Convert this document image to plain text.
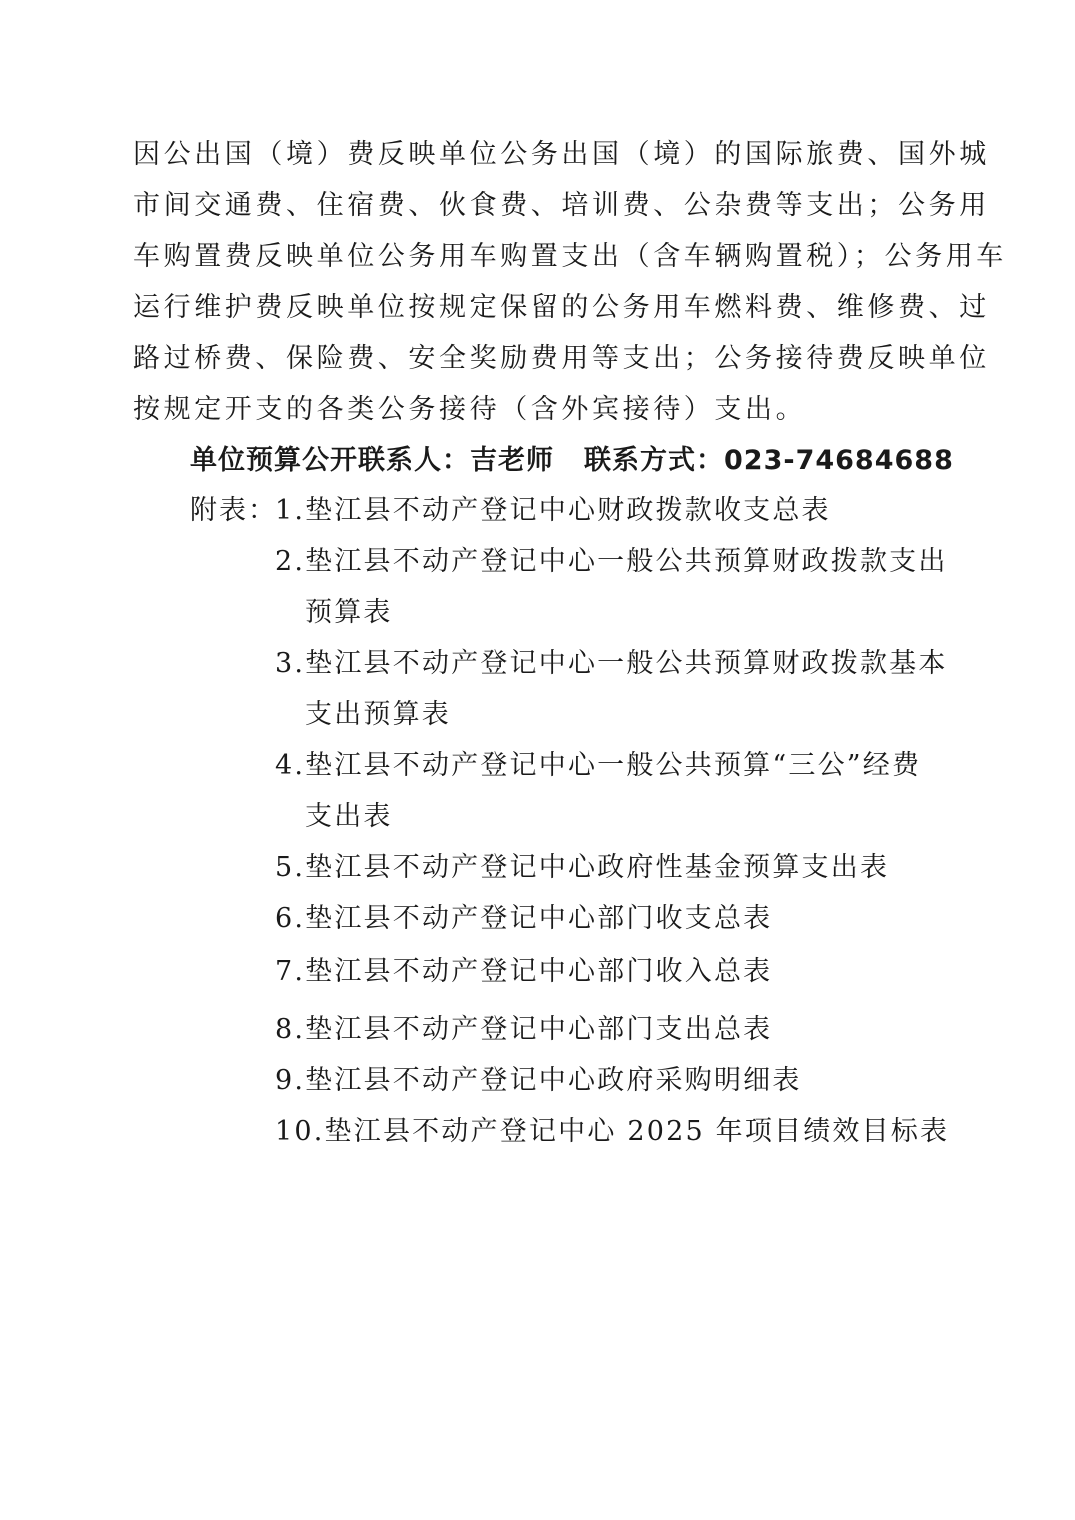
因公出国（境）费反映单位公务出国（境）的国际旅费、国外城
市间交通费、住宿费、伙食费、培训费、公杂费等支出；公务用
车购置费反映单位公务用车购置支出（含车辆购置税）；公务用车
运行维护费反映单位按规定保留的公务用车燃料费、维修费、过
路过桥费、保险费、安全奖励费用等支出；公务接待费反映单位
按规定开支的各类公务接待（含外宾接待）支出。
单位预算公开联系人：吉老师 联系方式：023-74684688
附表：
1.垫江县不动产登记中心财政拨款收支总表
2.垫江县不动产登记中心一般公共预算财政拨款支出
预算表
3.垫江县不动产登记中心一般公共预算财政拨款基本
支出预算表
4.垫江县不动产登记中心一般公共预算“三公”经费
支出表
5.垫江县不动产登记中心政府性基金预算支出表
6.垫江县不动产登记中心部门收支总表
7.垫江县不动产登记中心部门收入总表
8.垫江县不动产登记中心部门支出总表
9.垫江县不动产登记中心政府采购明细表
10.垫江县不动产登记中心 2025 年项目绩效目标表
